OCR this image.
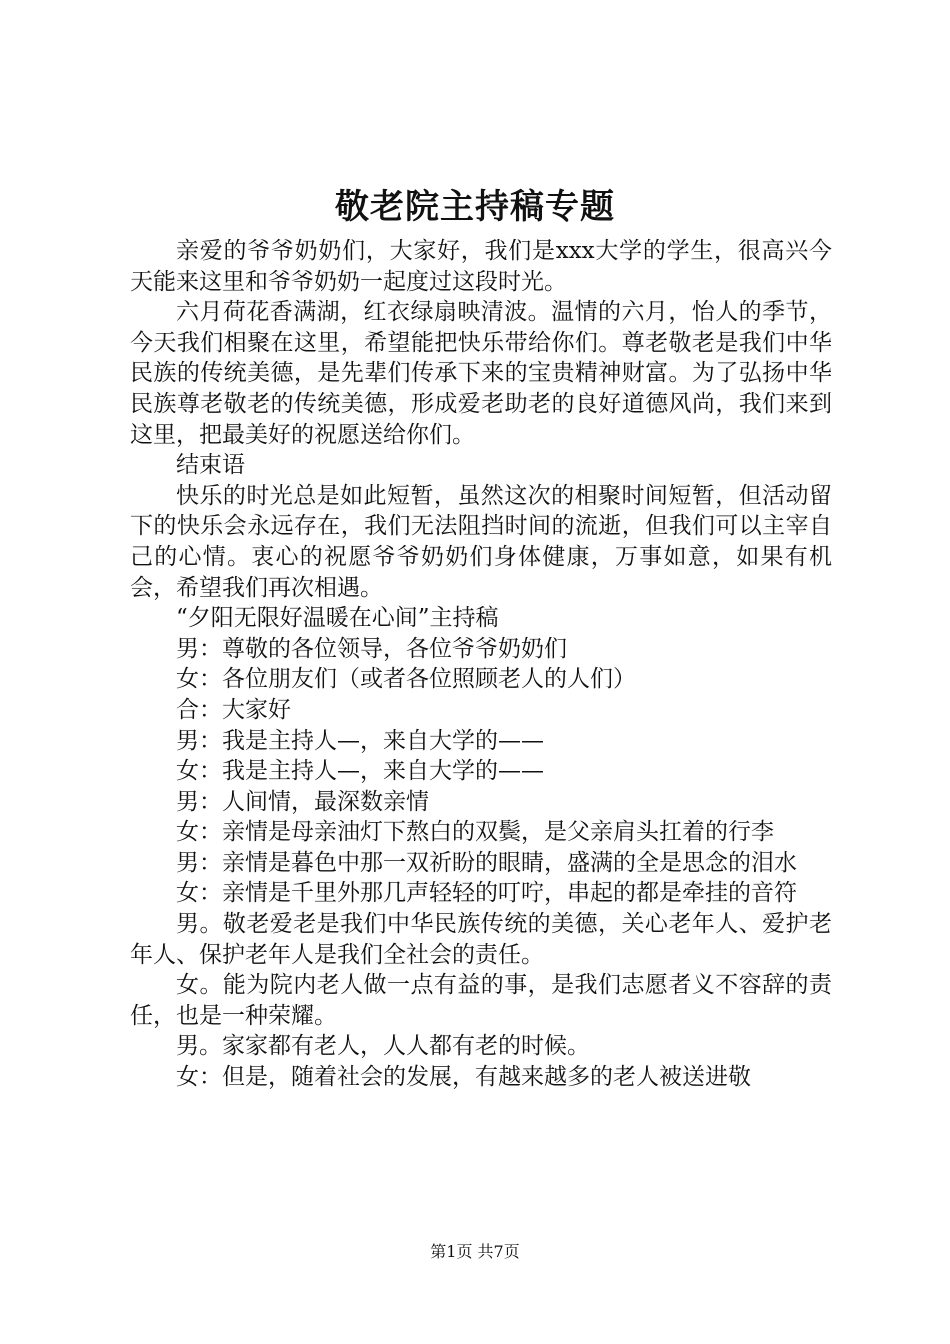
敬老院主持稿专题

亲爱的爷爷奶奶们，大家好，我们是xxx大学的学生，很高兴今天能来这里和爷爷奶奶一起度过这段时光。

六月荷花香满湖，红衣绿扇映清波。温情的六月，怡人的季节，今天我们相聚在这里，希望能把快乐带给你们。尊老敬老是我们中华民族的传统美德，是先辈们传承下来的宝贵精神财富。为了弘扬中华民族尊老敬老的传统美德，形成爱老助老的良好道德风尚，我们来到这里，把最美好的祝愿送给你们。

结束语

快乐的时光总是如此短暂，虽然这次的相聚时间短暂，但活动留下的快乐会永远存在，我们无法阻挡时间的流逝，但我们可以主宰自己的心情。衷心的祝愿爷爷奶奶们身体健康，万事如意，如果有机会，希望我们再次相遇。

“夕阳无限好温暖在心间”主持稿

男：尊敬的各位领导，各位爷爷奶奶们

女：各位朋友们（或者各位照顾老人的人们）

合：大家好

男：我是主持人—，来自大学的——

女：我是主持人—，来自大学的——

男：人间情，最深数亲情

女：亲情是母亲油灯下熬白的双鬓，是父亲肩头扛着的行李

男：亲情是暮色中那一双祈盼的眼睛，盛满的全是思念的泪水

女：亲情是千里外那几声轻轻的叮咛，串起的都是牵挂的音符

男。敬老爱老是我们中华民族传统的美德，关心老年人、爱护老年人、保护老年人是我们全社会的责任。

女。能为院内老人做一点有益的事，是我们志愿者义不容辞的责任，也是一种荣耀。

男。家家都有老人，人人都有老的时候。

女：但是，随着社会的发展，有越来越多的老人被送进敬

第1页 共7页
